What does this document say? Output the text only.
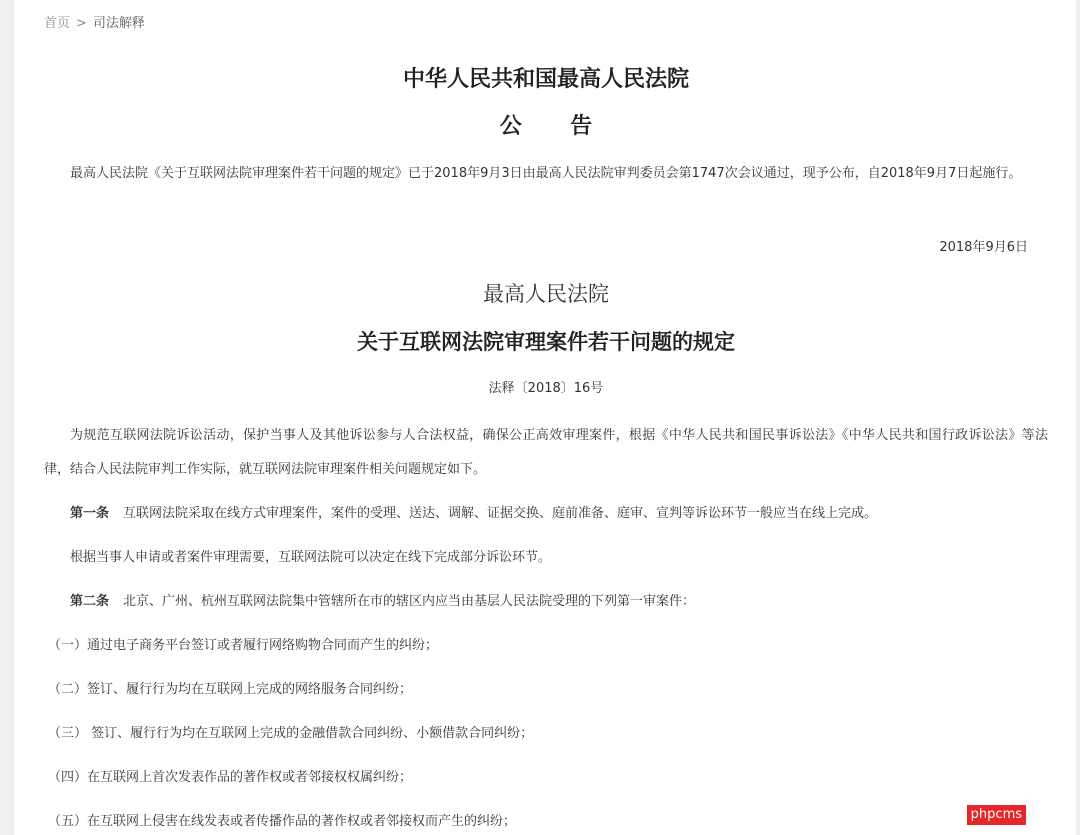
首页 > 司法解释
中华人民共和国最高人民法院
公告

最高人民法院《关于互联网法院审理案件若干问题的规定》已于2018年9月3日由最高人民法院审判委员会第1747次会议通过，现予公布，自2018年9月7日起施行。

2018年9月6日
最高人民法院
关于互联网法院审理案件若干问题的规定
法释〔2018〕16号

为规范互联网法院诉讼活动，保护当事人及其他诉讼参与人合法权益，确保公正高效审理案件，根据《中华人民共和国民事诉讼法》《中华人民共和国行政诉讼法》等法律，结合人民法院审判工作实际，就互联网法院审理案件相关问题规定如下。

第一条 互联网法院采取在线方式审理案件，案件的受理、送达、调解、证据交换、庭前准备、庭审、宣判等诉讼环节一般应当在线上完成。

根据当事人申请或者案件审理需要，互联网法院可以决定在线下完成部分诉讼环节。

第二条 北京、广州、杭州互联网法院集中管辖所在市的辖区内应当由基层人民法院受理的下列第一审案件：

（一）通过电子商务平台签订或者履行网络购物合同而产生的纠纷；

（二）签订、履行行为均在互联网上完成的网络服务合同纠纷；

（三） 签订、履行行为均在互联网上完成的金融借款合同纠纷、小额借款合同纠纷；

（四）在互联网上首次发表作品的著作权或者邻接权权属纠纷；

（五）在互联网上侵害在线发表或者传播作品的著作权或者邻接权而产生的纠纷；	phpcms
